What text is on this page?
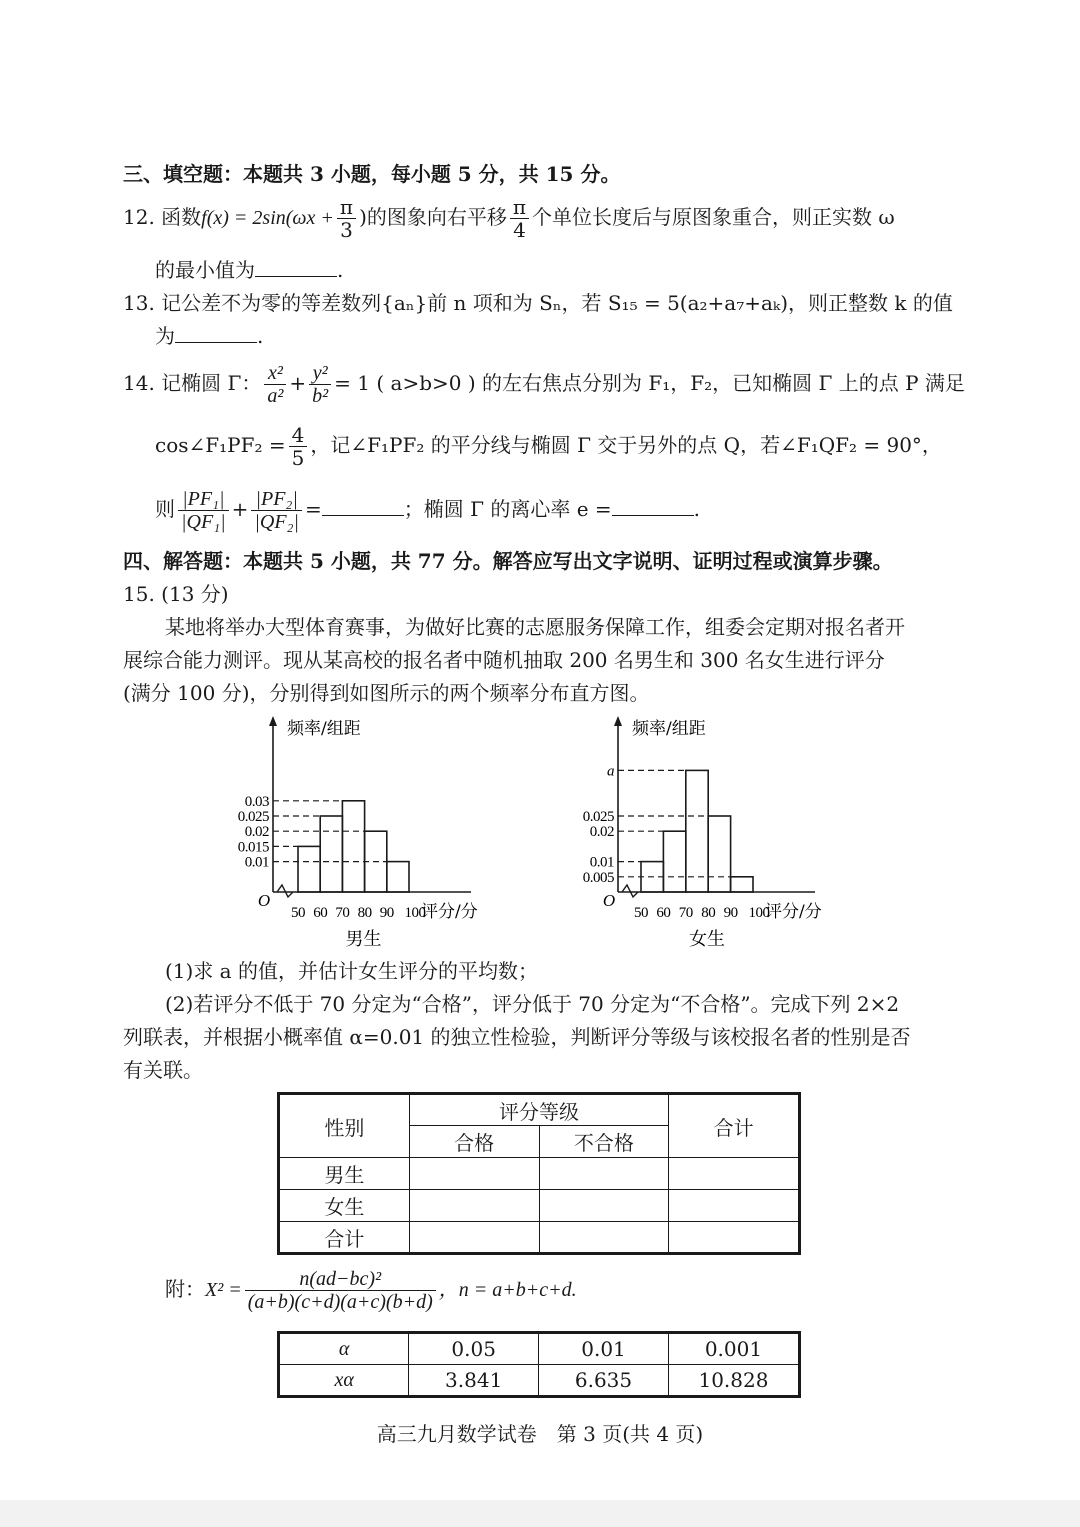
三、填空题：本题共 3 小题，每小题 5 分，共 15 分。
12. 函数$f(x) = 2\sin(\omega x + \frac{\pi}{3}$ )的图象向右平移 $\frac{\pi}{4}$ 个单位长度后与原图象重合，则正实数 ω
的最小值为	.
13. 记公差不为零的等差数列{aₙ}前 n 项和为 Sₙ，若 S₁₅ = 5(a₂+a₇+aₖ)，则正整数 k 的值
为	.
14. 记椭圆 Γ： $\frac{\text{x²}}{\text{a²}} + \frac{\text{y²}}{\text{b²}} = 1$ ( a>b>0 ) 的左右焦点分别为 F₁，F₂，已知椭圆 Γ 上的点 P 满足
cos∠F₁PF₂ = $\frac{4}{5}$ ，记∠F₁PF₂ 的平分线与椭圆 Γ 交于另外的点 Q，若∠F₁QF₂ = 90°，
则 $\frac{\text{|PF₁|}}{\text{|QF₁|}} + \frac{\text{|PF₂|}}{\text{|QF₂|}}$ =	；椭圆 Γ 的离心率 e =	.
四、解答题：本题共 5 小题，共 77 分。解答应写出文字说明、证明过程或演算步骤。
15. (13 分)
某地将举办大型体育赛事，为做好比赛的志愿服务保障工作，组委会定期对报名者开
展综合能力测评。现从某高校的报名者中随机抽取 200 名男生和 300 名女生进行评分
(满分 100 分)，分别得到如图所示的两个频率分布直方图。
频率/组距
O
评分/分
男生
50 60 70 80 90 100
0.03
0.025
0.02
0.015
0.01
频率/组距
O
评分/分
女生
50 60 70 80 90 100
a
0.025
0.02
0.01
0.005
(1)求 a 的值，并估计女生评分的平均数；
(2)若评分不低于 70 分定为“合格”，评分低于 70 分定为“不合格”。完成下列 2×2
列联表，并根据小概率值 α=0.01 的独立性检验，判断评分等级与该校报名者的性别是否
有关联。
性别	评分等级		合计
	合格	不合格	
男生			
女生			
合计			
附：$X^2 = \frac{\text{n(ad−bc)²}}{(a+b)(c+d)(a+c)(b+d)}$ ，n = a+b+c+d.
α	0.05	0.01	0.001
xα	3.841	6.635	10.828
高三九月数学试卷　第 3 页(共 4 页)
